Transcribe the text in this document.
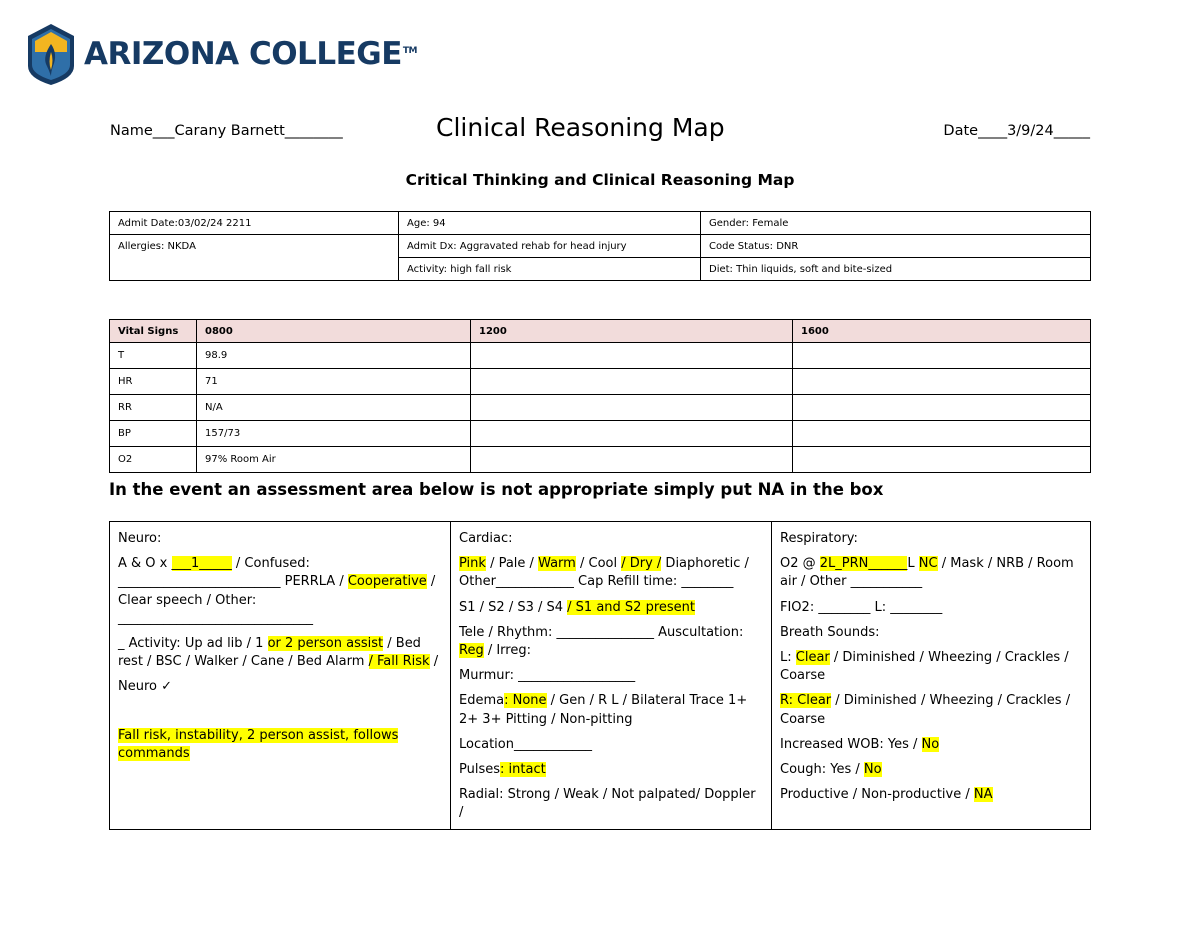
ARIZONA COLLEGE™
Name___Carany Barnett________	Clinical Reasoning Map	Date____3/9/24_____
Critical Thinking and Clinical Reasoning Map
Admit Date:03/02/24 2211	Age: 94	Gender: Female
Allergies: NKDA	Admit Dx: Aggravated rehab for head injury	Code Status: DNR
	Activity: high fall risk	Diet: Thin liquids, soft and bite-sized
Vital Signs	0800	1200	1600
T	98.9		
HR	71		
RR	N/A		
BP	157/73		
O2	97% Room Air		
In the event an assessment area below is not appropriate simply put NA in the box

Neuro:

A & O x ___1_____ / Confused: _________________________ PERRLA / Cooperative / Clear speech / Other: ______________________________

_ Activity: Up ad lib / 1 or 2 person assist / Bed rest / BSC / Walker / Cane / Bed Alarm / Fall Risk /

Neuro ✓

Fall risk, instability, 2 person assist, follows commands

Cardiac:

Pink / Pale / Warm / Cool / Dry / Diaphoretic / Other____________ Cap Refill time: ________

S1 / S2 / S3 / S4 / S1 and S2 present

Tele / Rhythm: _______________ Auscultation: Reg / Irreg:

Murmur: __________________

Edema: None / Gen / R L / Bilateral Trace 1+ 2+ 3+ Pitting / Non-pitting

Location____________

Pulses: intact

Radial: Strong / Weak / Not palpated/ Doppler /

Respiratory:

O2 @ 2L_PRN______L NC / Mask / NRB / Room air / Other ___________

FIO2: ________ L: ________

Breath Sounds:

L: Clear / Diminished / Wheezing / Crackles / Coarse

R: Clear / Diminished / Wheezing / Crackles / Coarse

Increased WOB: Yes / No

Cough: Yes / No

Productive / Non-productive / NA
